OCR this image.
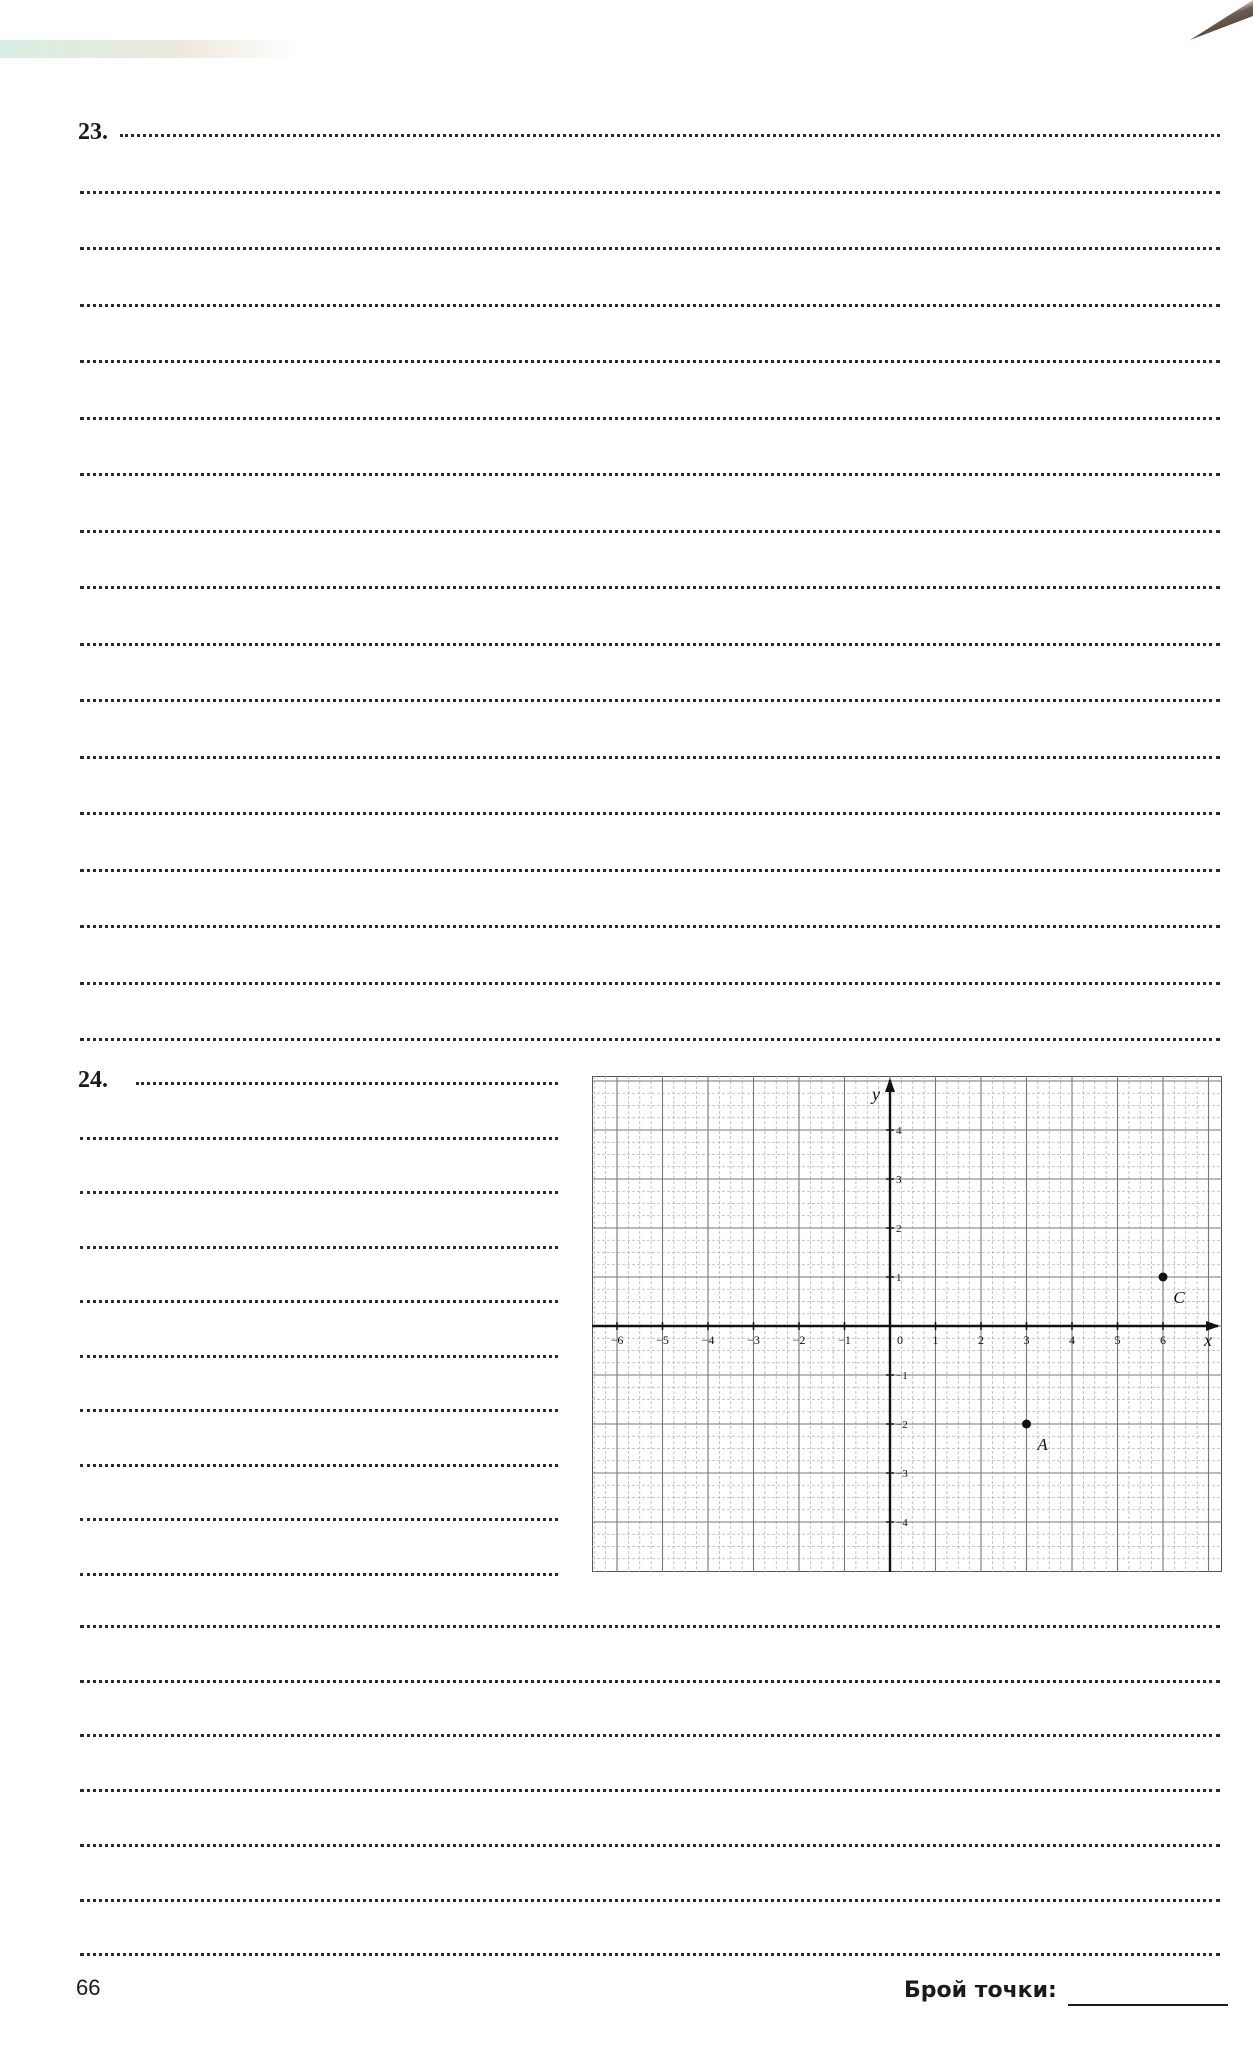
23.
24.
−6	−5	−4	−3	−2	−1	1	2	3	4	5	6
−4
−3
−2
−1
1
2
3
4
0	x
y
C
A
66	Брой точки:
